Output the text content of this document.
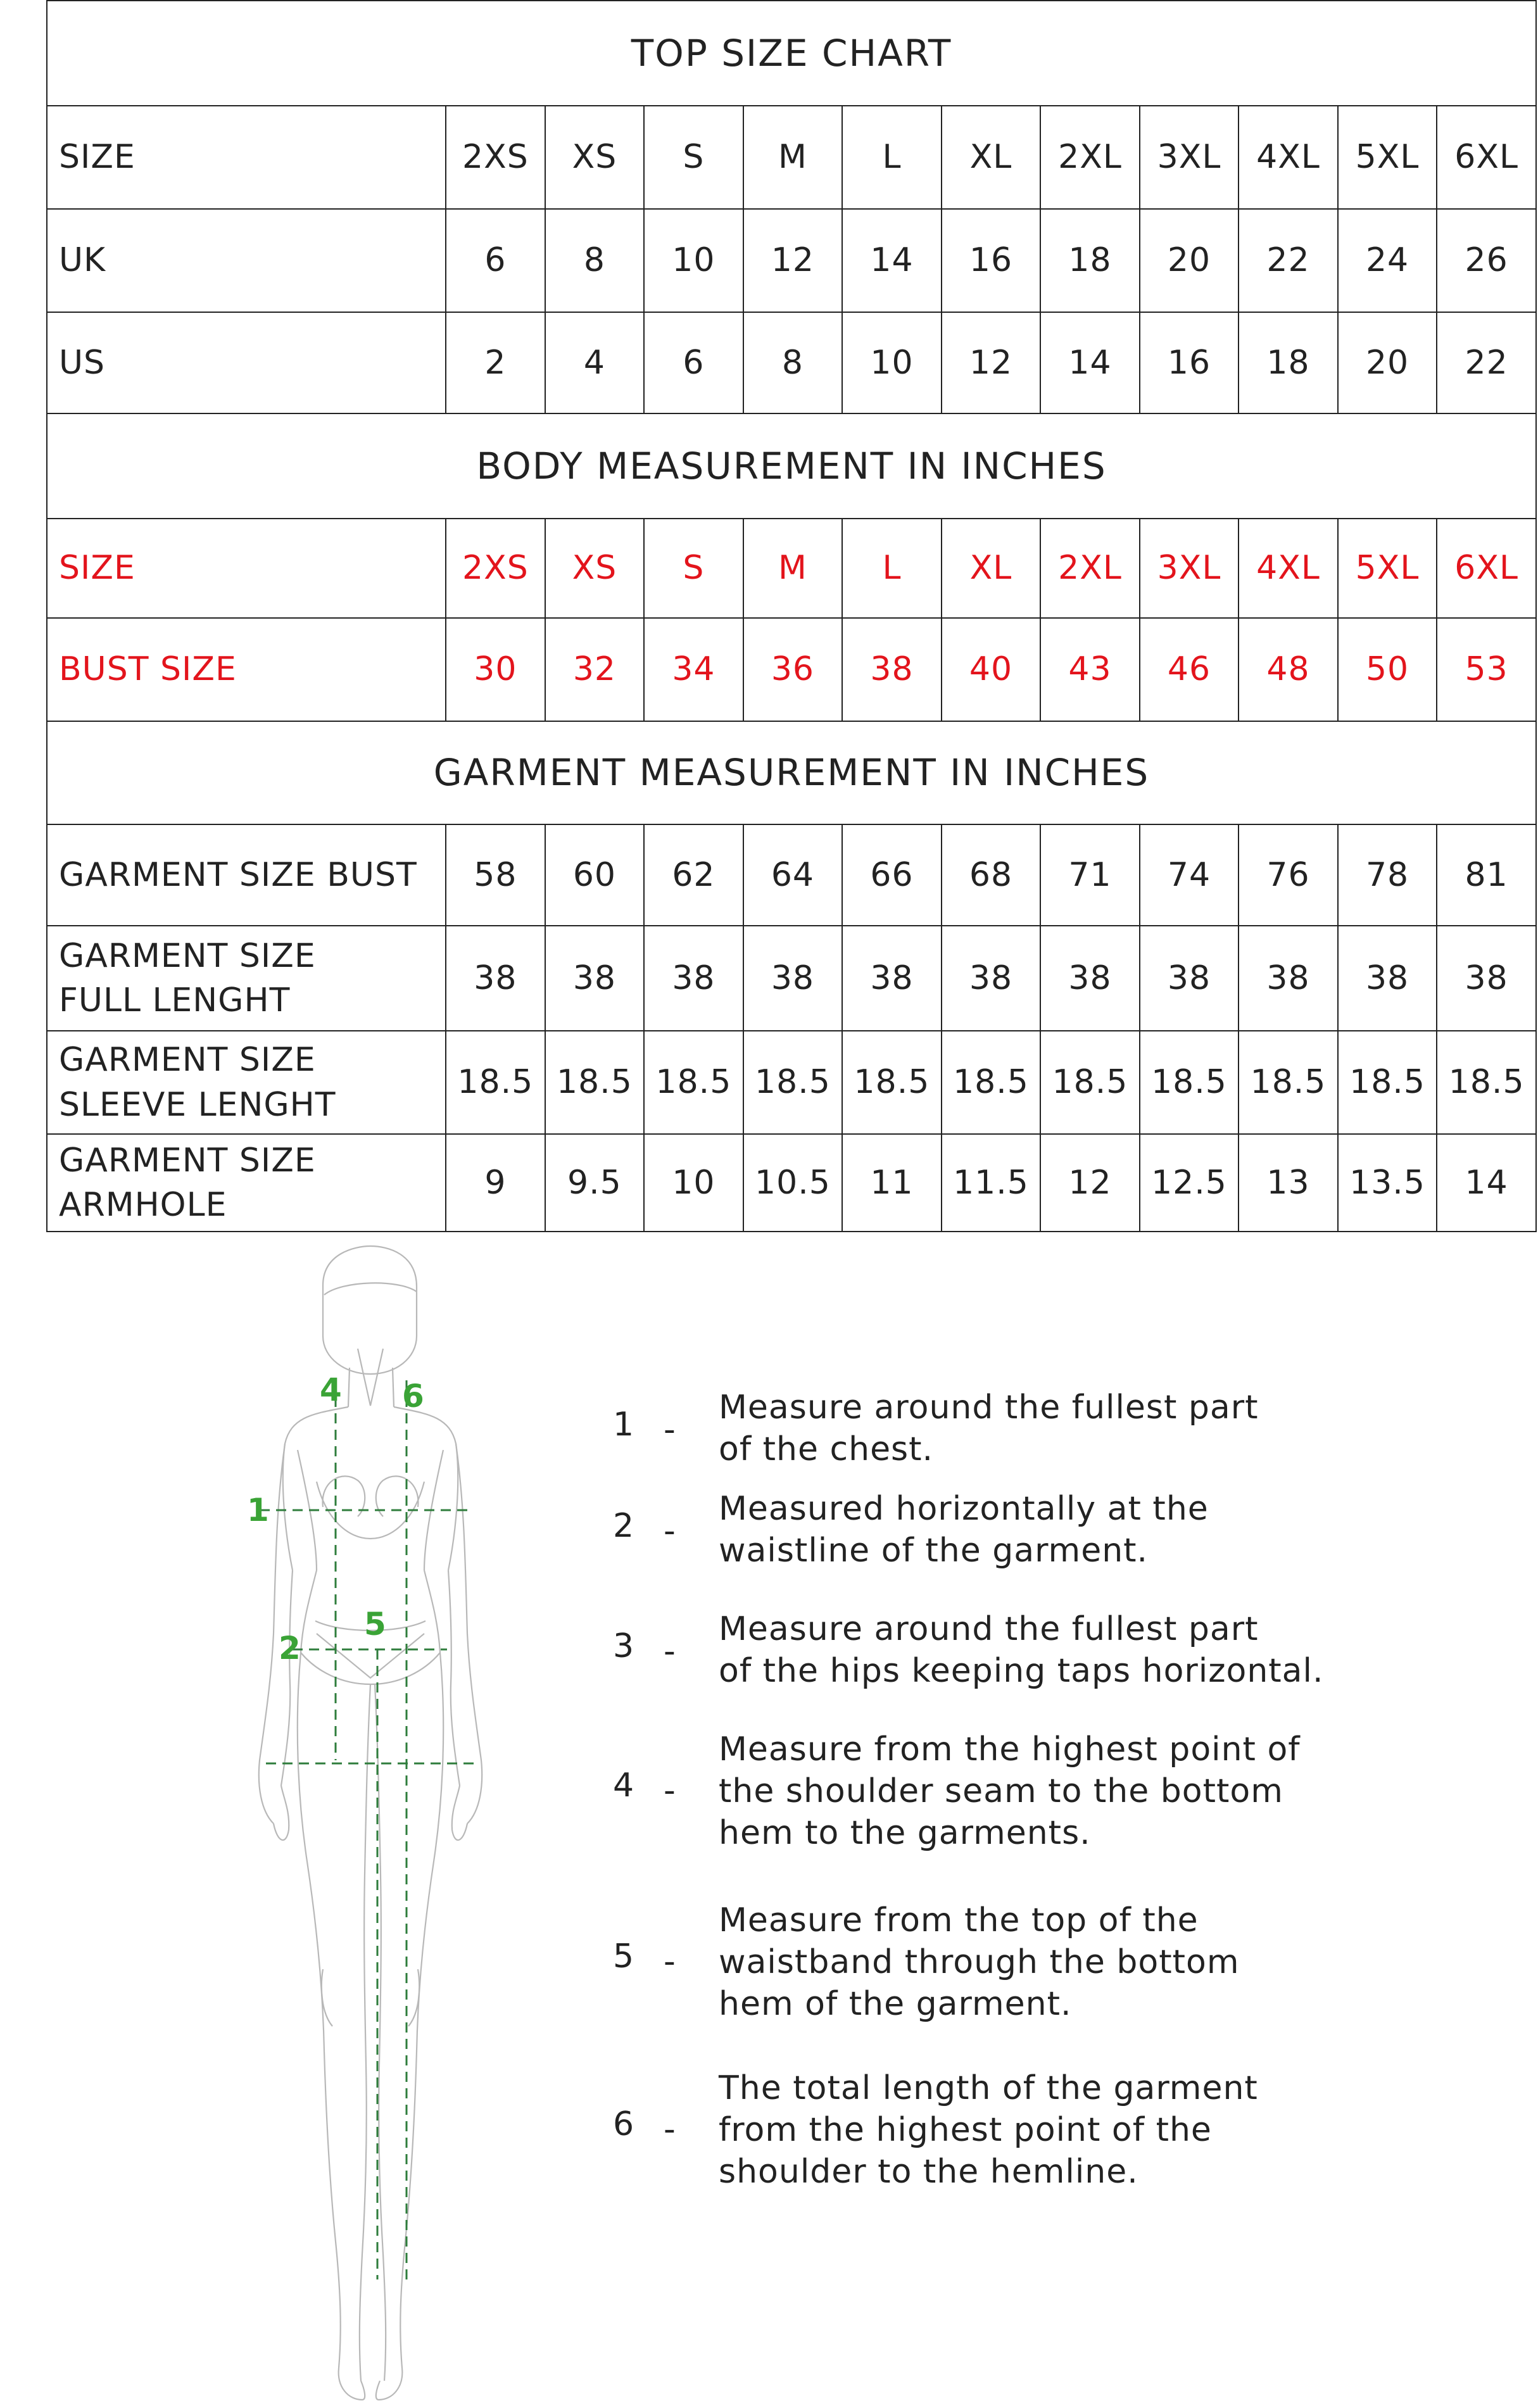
TOP SIZE CHART											
SIZE	2XS	XS	S	M	L	XL	2XL	3XL	4XL	5XL	6XL
UK	6	8	10	12	14	16	18	20	22	24	26
US	2	4	6	8	10	12	14	16	18	20	22
BODY MEASUREMENT IN INCHES											
SIZE	2XS	XS	S	M	L	XL	2XL	3XL	4XL	5XL	6XL
BUST SIZE	30	32	34	36	38	40	43	46	48	50	53
GARMENT MEASUREMENT IN INCHES											
GARMENT SIZE BUST	58	60	62	64	66	68	71	74	76	78	81
GARMENT SIZE
FULL LENGHT	38	38	38	38	38	38	38	38	38	38	38
GARMENT SIZE
SLEEVE LENGHT	18.5	18.5	18.5	18.5	18.5	18.5	18.5	18.5	18.5	18.5	18.5
GARMENT SIZE
ARMHOLE	9	9.5	10	10.5	11	11.5	12	12.5	13	13.5	14
4 6
1
2
5
1 -
Measure around the fullest part
of the chest.
2 -
Measured horizontally at the
waistline of the garment.
3 -
Measure around the fullest part
of the hips keeping taps horizontal.
4 -
Measure from the highest point of
the shoulder seam to the bottom
hem to the garments.
5 -
Measure from the top of the
waistband through the bottom
hem of the garment.
6 -
The total length of the garment
from the highest point of the
shoulder to the hemline.
